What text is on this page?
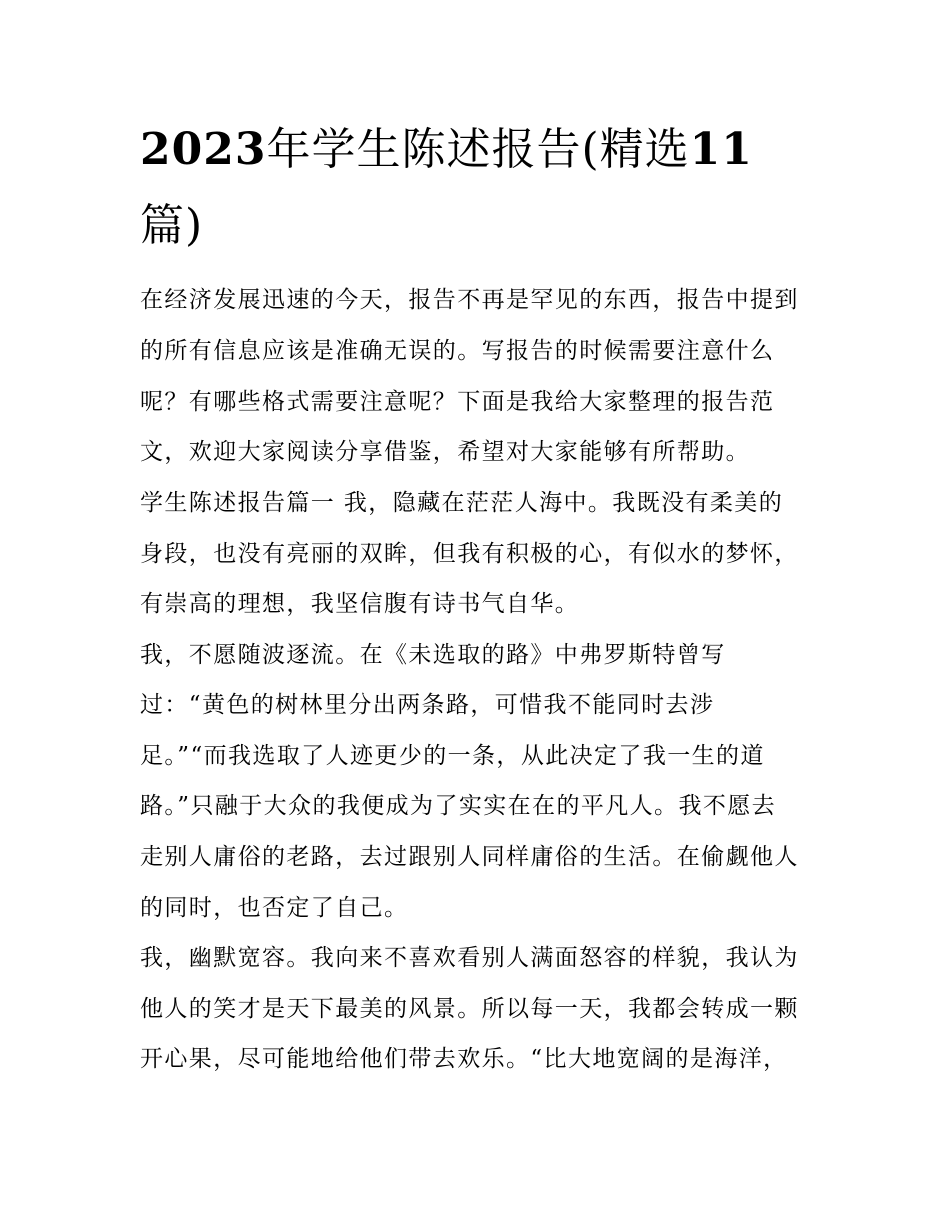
2023年学生陈述报告(精选11
篇)

在经济发展迅速的今天，报告不再是罕见的东西，报告中提到

的所有信息应该是准确无误的。写报告的时候需要注意什么

呢？有哪些格式需要注意呢？下面是我给大家整理的报告范

文，欢迎大家阅读分享借鉴，希望对大家能够有所帮助。

学生陈述报告篇一 我，隐藏在茫茫人海中。我既没有柔美的

身段，也没有亮丽的双眸，但我有积极的心，有似水的梦怀，

有崇高的理想，我坚信腹有诗书气自华。

我，不愿随波逐流。在《未选取的路》中弗罗斯特曾写

过：“黄色的树林里分出两条路，可惜我不能同时去涉

足。”“而我选取了人迹更少的一条，从此决定了我一生的道

路。”只融于大众的我便成为了实实在在的平凡人。我不愿去

走别人庸俗的老路，去过跟别人同样庸俗的生活。在偷觑他人

的同时，也否定了自己。

我，幽默宽容。我向来不喜欢看别人满面怒容的样貌，我认为

他人的笑才是天下最美的风景。所以每一天，我都会转成一颗

开心果，尽可能地给他们带去欢乐。“比大地宽阔的是海洋，
